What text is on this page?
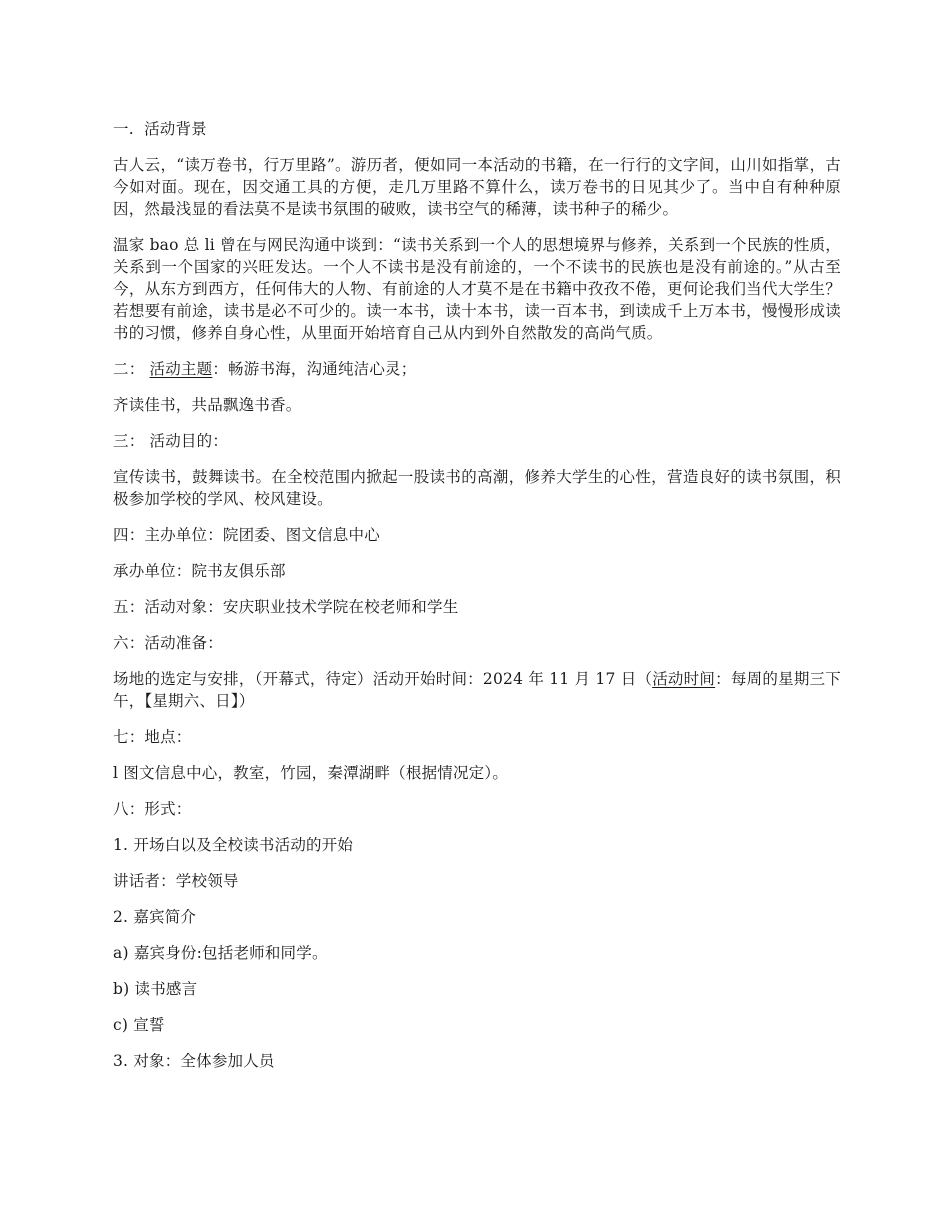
一.  活动背景

古人云，“读万卷书，行万里路”。游历者，便如同一本活动的书籍，在一行行的文字间，山川如指掌，古今如对面。现在，因交通工具的方便，走几万里路不算什么，读万卷书的日见其少了。当中自有种种原因，然最浅显的看法莫不是读书氛围的破败，读书空气的稀薄，读书种子的稀少。

温家 bao 总 li 曾在与网民沟通中谈到：“读书关系到一个人的思想境界与修养，关系到一个民族的性质，关系到一个国家的兴旺发达。一个人不读书是没有前途的，一个不读书的民族也是没有前途的。”从古至今，从东方到西方，任何伟大的人物、有前途的人才莫不是在书籍中孜孜不倦，更何论我们当代大学生？若想要有前途，读书是必不可少的。读一本书，读十本书，读一百本书，到读成千上万本书，慢慢形成读书的习惯，修养自身心性，从里面开始培育自己从内到外自然散发的高尚气质。

二： 活动主题：畅游书海，沟通纯洁心灵；

齐读佳书，共品飘逸书香。

三： 活动目的：

宣传读书，鼓舞读书。在全校范围内掀起一股读书的高潮，修养大学生的心性，营造良好的读书氛围，积极参加学校的学风、校风建设。

四：主办单位：院团委、图文信息中心

承办单位：院书友俱乐部

五：活动对象：安庆职业技术学院在校老师和学生

六：活动准备：

场地的选定与安排，（开幕式，待定）活动开始时间：2024 年 11 月 17 日（活动时间：每周的星期三下午，【星期六、日】）

七：地点：

l 图文信息中心，教室，竹园，秦潭湖畔（根据情况定）。

八：形式：

1. 开场白以及全校读书活动的开始

讲话者：学校领导

2. 嘉宾简介

a) 嘉宾身份:包括老师和同学。

b) 读书感言

c) 宣誓

3. 对象：全体参加人员
